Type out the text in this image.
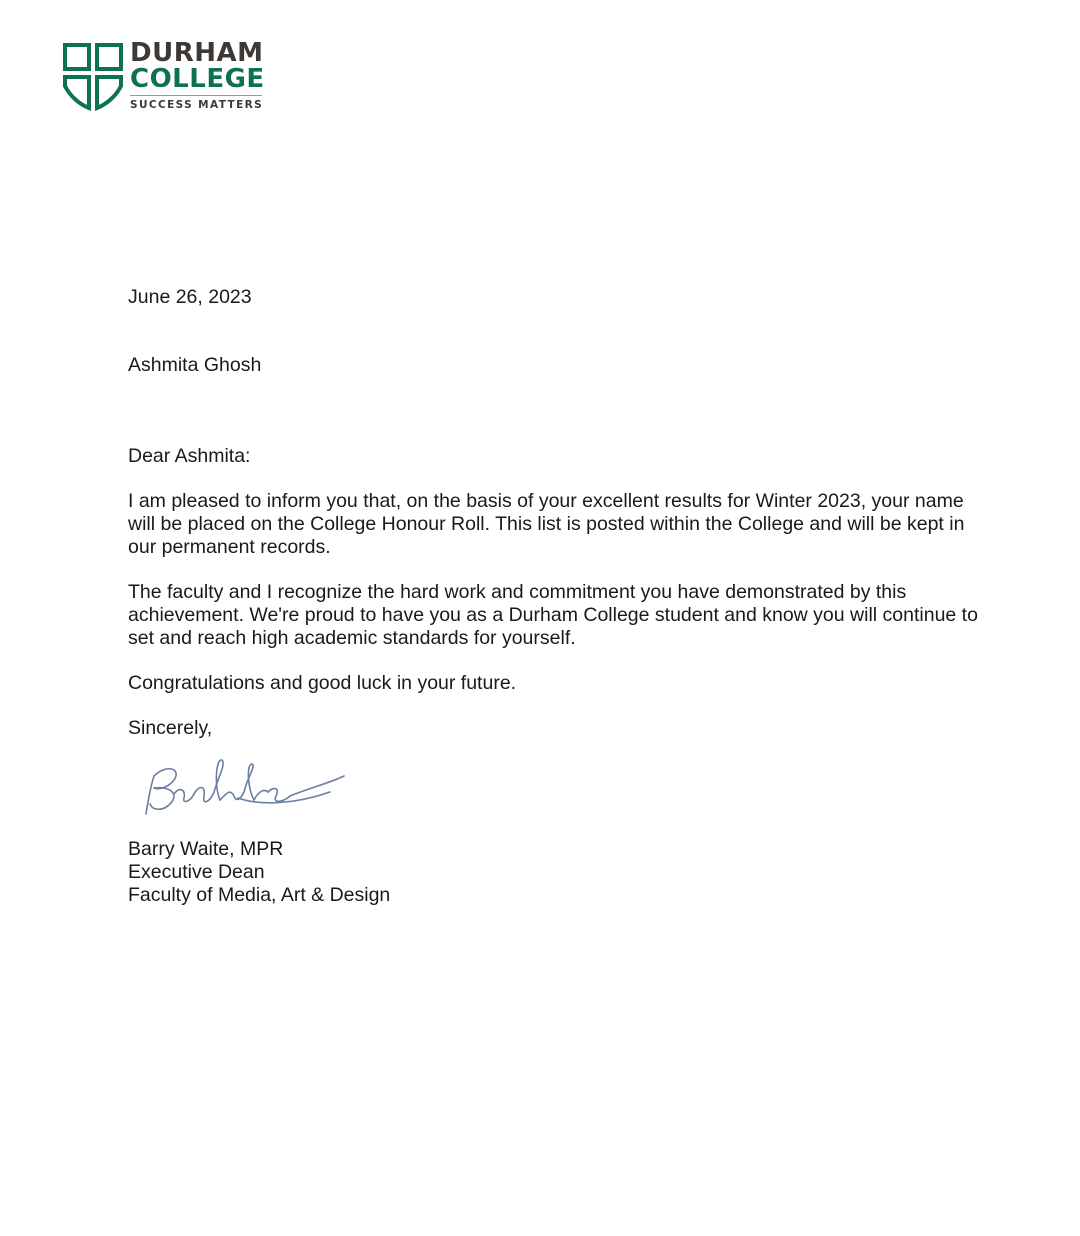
DURHAM
COLLEGE
SUCCESS MATTERS

June 26, 2023

Ashmita Ghosh

Dear Ashmita:

I am pleased to inform you that, on the basis of your excellent results for Winter 2023, your name will be placed on the College Honour Roll. This list is posted within the College and will be kept in our permanent records.

The faculty and I recognize the hard work and commitment you have demonstrated by this achievement. We're proud to have you as a Durham College student and know you will continue to set and reach high academic standards for yourself.

Congratulations and good luck in your future.

Sincerely,

Barry Waite, MPR
Executive Dean
Faculty of Media, Art & Design
